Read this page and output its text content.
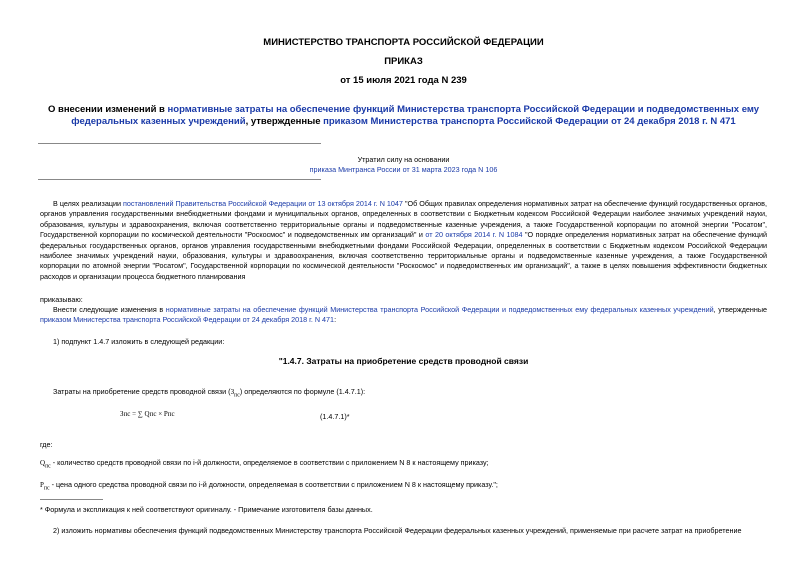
МИНИСТЕРСТВО ТРАНСПОРТА РОССИЙСКОЙ ФЕДЕРАЦИИ
ПРИКАЗ
от 15 июля 2021 года N 239
О внесении изменений в нормативные затраты на обеспечение функций Министерства транспорта Российской Федерации и подведомственных ему федеральных казенных учреждений, утвержденные приказом Министерства транспорта Российской Федерации от 24 декабря 2018 г. N 471
Утратил силу на основании
приказа Минтранса России от 31 марта 2023 года N 106
В целях реализации постановлений Правительства Российской Федерации от 13 октября 2014 г. N 1047 "Об Общих правилах определения нормативных затрат на обеспечение функций государственных органов, органов управления государственными внебюджетными фондами и муниципальных органов, определенных в соответствии с Бюджетным кодексом Российской Федерации наиболее значимых учреждений науки, образования, культуры и здравоохранения, включая соответственно территориальные органы и подведомственные казенные учреждения, а также Государственной корпорации по атомной энергии "Росатом", Государственной корпорации по космической деятельности "Роскосмос" и подведомственных им организаций" и от 20 октября 2014 г. N 1084 "О порядке определения нормативных затрат на обеспечение функций федеральных государственных органов, органов управления государственными внебюджетными фондами Российской Федерации, определенных в соответствии с Бюджетным кодексом Российской Федерации наиболее значимых учреждений науки, образования, культуры и здравоохранения, включая соответственно территориальные органы и подведомственные казенные учреждения, а также Государственной корпорации по атомной энергии "Росатом", Государственной корпорации по космической деятельности "Роскосмос" и подведомственных им организаций", а также в целях повышения эффективности бюджетных расходов и организации процесса бюджетного планирования
приказываю:
Внести следующие изменения в нормативные затраты на обеспечение функций Министерства транспорта Российской Федерации и подведомственных ему федеральных казенных учреждений, утвержденные приказом Министерства транспорта Российской Федерации от 24 декабря 2018 г. N 471:
1) подпункт 1.4.7 изложить в следующей редакции:
"1.4.7. Затраты на приобретение средств проводной связи
Затраты на приобретение средств проводной связи $(З_{пс})$ определяются по формуле (1.4.7.1):
Зпс = ∑ Qпс × Рпс	(1.4.7.1)*
где:
$Q_{пс}$ - количество средств проводной связи по i-й должности, определяемое в соответствии с приложением N 8 к настоящему приказу;
$Р_{пс}$ - цена одного средства проводной связи по i-й должности, определяемая в соответствии с приложением N 8 к настоящему приказу.";
* Формула и экспликация к ней соответствуют оригиналу. - Примечание изготовителя базы данных.
2) изложить нормативы обеспечения функций подведомственных Министерству транспорта Российской Федерации федеральных казенных учреждений, применяемые при расчете затрат на приобретение
